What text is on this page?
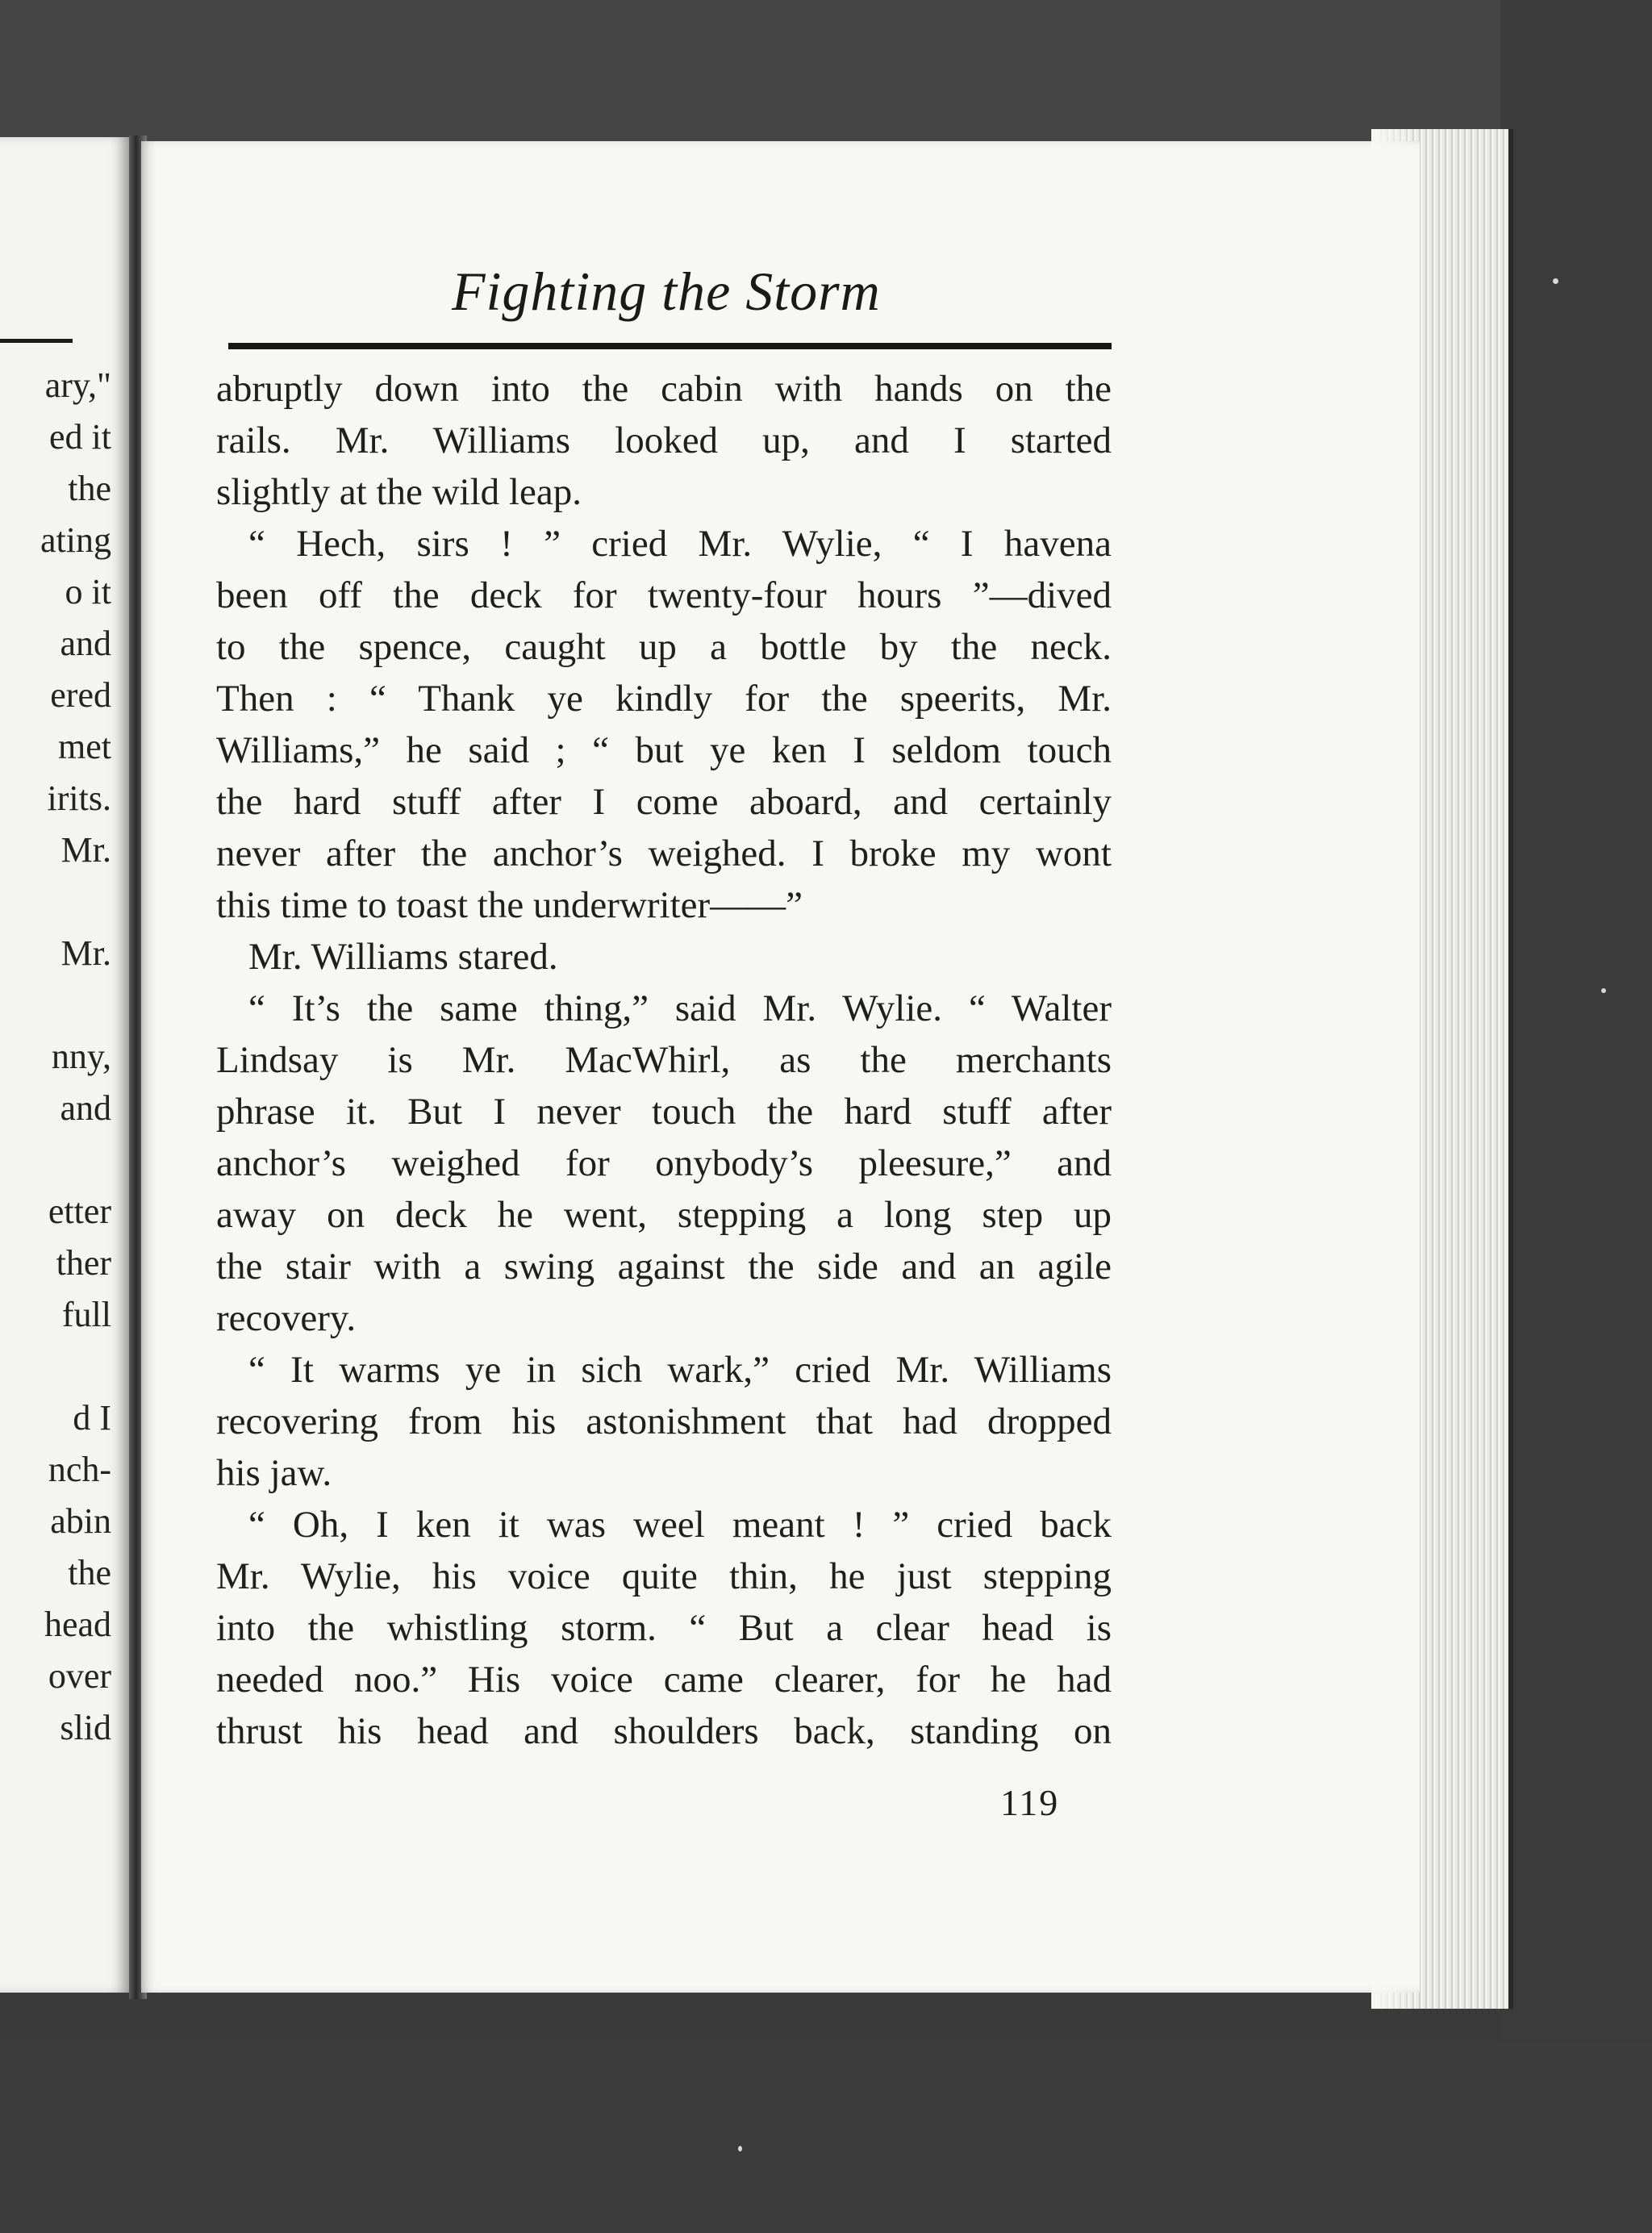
ary,"
ed it
the
ating
o it
and
ered
met
irits.
Mr.
Mr.
nny,
and
etter
ther
full
d I
nch-
abin
the
head
over
slid
Fighting the Storm
abruptly down into the cabin with hands on the
rails. Mr. Williams looked up, and I started
slightly at the wild leap.
“ Hech, sirs ! ” cried Mr. Wylie, “ I havena
been off the deck for twenty-four hours ”—dived
to the spence, caught up a bottle by the neck.
Then : “ Thank ye kindly for the speerits, Mr.
Williams,” he said ; “ but ye ken I seldom touch
the hard stuff after I come aboard, and certainly
never after the anchor’s weighed. I broke my wont
this time to toast the underwriter——”
Mr. Williams stared.
“ It’s the same thing,” said Mr. Wylie. “ Walter
Lindsay is Mr. MacWhirl, as the merchants
phrase it. But I never touch the hard stuff after
anchor’s weighed for onybody’s pleesure,” and
away on deck he went, stepping a long step up
the stair with a swing against the side and an agile
recovery.
“ It warms ye in sich wark,” cried Mr. Williams
recovering from his astonishment that had dropped
his jaw.
“ Oh, I ken it was weel meant ! ” cried back
Mr. Wylie, his voice quite thin, he just stepping
into the whistling storm. “ But a clear head is
needed noo.” His voice came clearer, for he had
thrust his head and shoulders back, standing on
119
